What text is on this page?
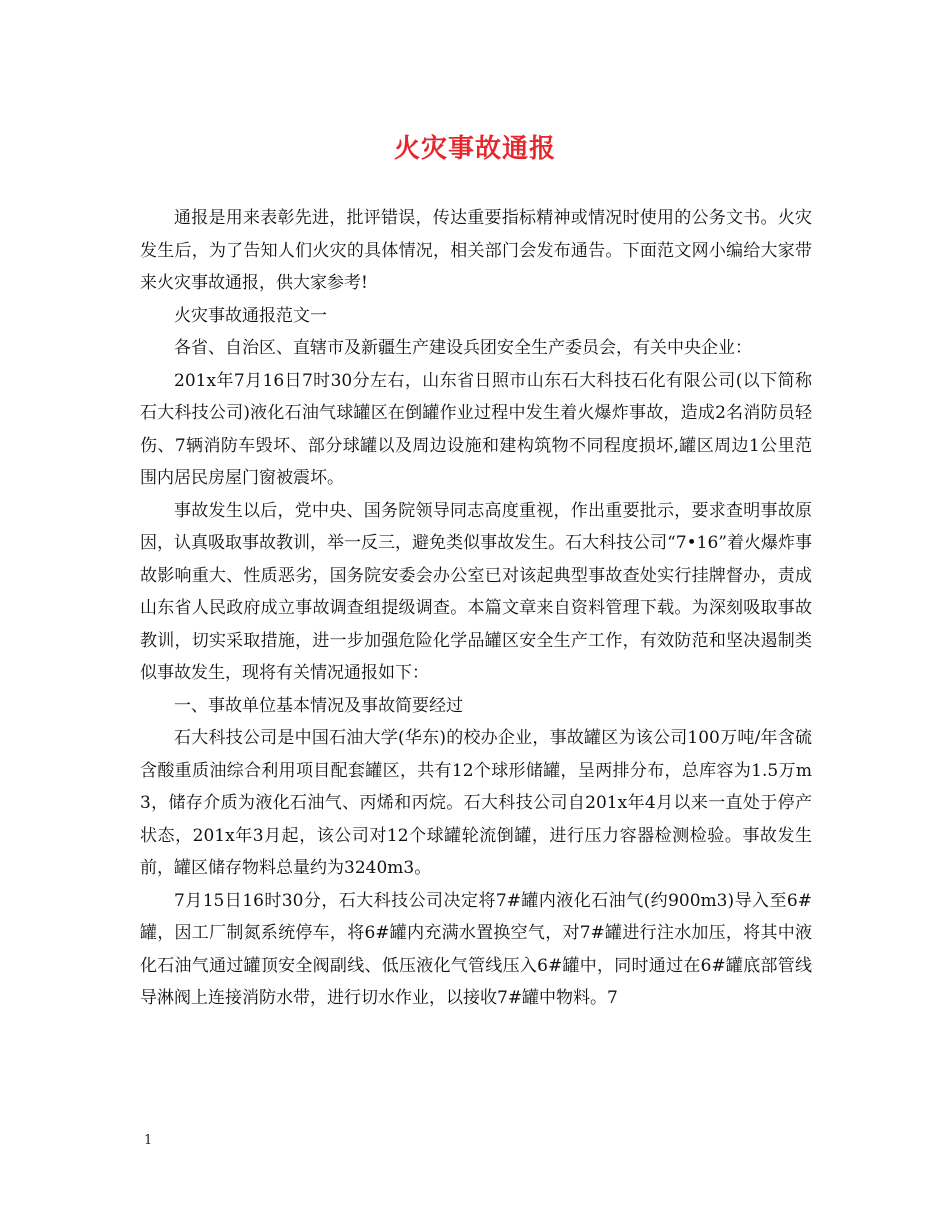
火灾事故通报

通报是用来表彰先进，批评错误，传达重要指标精神或情况时使用的公务文书。火灾发生后，为了告知人们火灾的具体情况，相关部门会发布通告。下面范文网小编给大家带来火灾事故通报，供大家参考!

火灾事故通报范文一

各省、自治区、直辖市及新疆生产建设兵团安全生产委员会，有关中央企业：

201x年7月16日7时30分左右，山东省日照市山东石大科技石化有限公司(以下简称石大科技公司)液化石油气球罐区在倒罐作业过程中发生着火爆炸事故，造成2名消防员轻伤、7辆消防车毁坏、部分球罐以及周边设施和建构筑物不同程度损坏,罐区周边1公里范围内居民房屋门窗被震坏。

事故发生以后，党中央、国务院领导同志高度重视，作出重要批示，要求查明事故原因，认真吸取事故教训，举一反三，避免类似事故发生。石大科技公司“7•16”着火爆炸事故影响重大、性质恶劣，国务院安委会办公室已对该起典型事故查处实行挂牌督办，责成山东省人民政府成立事故调查组提级调查。本篇文章来自资料管理下载。为深刻吸取事故教训，切实采取措施，进一步加强危险化学品罐区安全生产工作，有效防范和坚决遏制类似事故发生，现将有关情况通报如下：

一、事故单位基本情况及事故简要经过

石大科技公司是中国石油大学(华东)的校办企业，事故罐区为该公司100万吨/年含硫含酸重质油综合利用项目配套罐区，共有12个球形储罐，呈两排分布，总库容为1.5万m3，储存介质为液化石油气、丙烯和丙烷。石大科技公司自201x年4月以来一直处于停产状态，201x年3月起，该公司对12个球罐轮流倒罐，进行压力容器检测检验。事故发生前，罐区储存物料总量约为3240m3。

7月15日16时30分，石大科技公司决定将7#罐内液化石油气(约900m3)导入至6#罐，因工厂制氮系统停车，将6#罐内充满水置换空气，对7#罐进行注水加压，将其中液化石油气通过罐顶安全阀副线、低压液化气管线压入6#罐中，同时通过在6#罐底部管线导淋阀上连接消防水带，进行切水作业，以接收7#罐中物料。7

1
